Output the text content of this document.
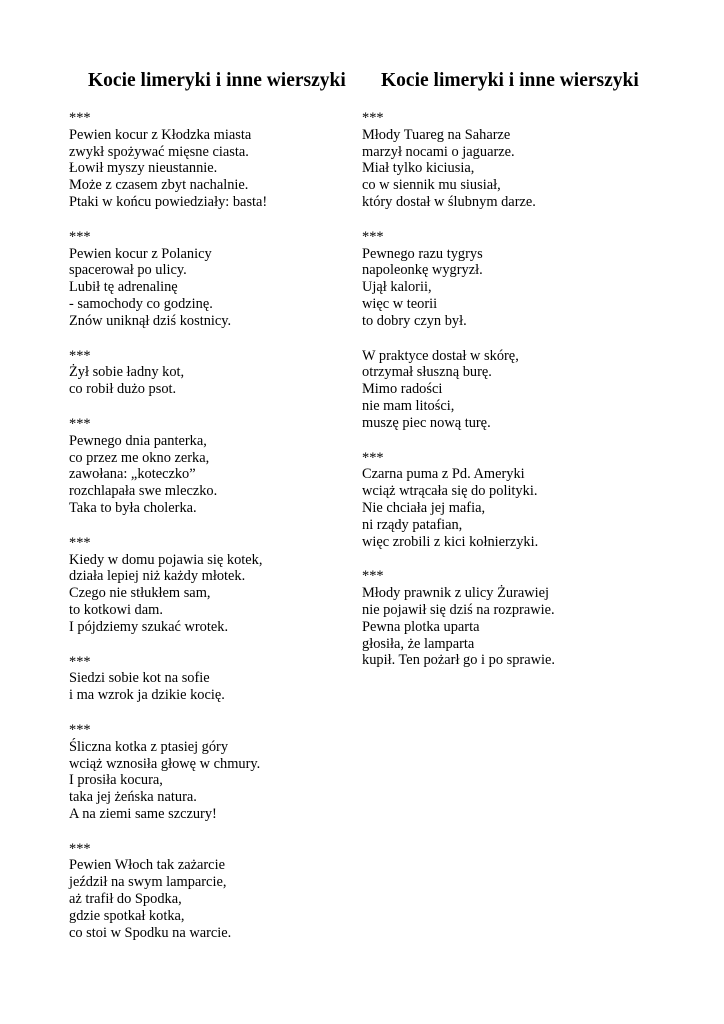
Kocie limeryki i inne wierszyki
***
Pewien kocur z Kłodzka miasta
zwykł spożywać mięsne ciasta.
Łowił myszy nieustannie.
Może z czasem zbyt nachalnie.
Ptaki w końcu powiedziały: basta!
***
Pewien kocur z Polanicy
spacerował po ulicy.
Lubił tę adrenalinę
- samochody co godzinę.
Znów uniknął dziś kostnicy.
***
Żył sobie ładny kot,
co robił dużo psot.
***
Pewnego dnia panterka,
co przez me okno zerka,
zawołana: „koteczko”
rozchlapała swe mleczko.
Taka to była cholerka.
***
Kiedy w domu pojawia się kotek,
działa lepiej niż każdy młotek.
Czego nie stłukłem sam,
to kotkowi dam.
I pójdziemy szukać wrotek.
***
Siedzi sobie kot na sofie
i ma wzrok ja dzikie kocię.
***
Śliczna kotka z ptasiej góry
wciąż wznosiła głowę w chmury.
I prosiła kocura,
taka jej żeńska natura.
A na ziemi same szczury!
***
Pewien Włoch tak zażarcie
jeździł na swym lamparcie,
aż trafił do Spodka,
gdzie spotkał kotka,
co stoi w Spodku na warcie.
Kocie limeryki i inne wierszyki
***
Młody Tuareg na Saharze
marzył nocami o jaguarze.
Miał tylko kiciusia,
co w siennik mu siusiał,
który dostał w ślubnym darze.
***
Pewnego razu tygrys
napoleonkę wygryzł.
Ujął kalorii,
więc w teorii
to dobry czyn był.
W praktyce dostał w skórę,
otrzymał słuszną burę.
Mimo radości
nie mam litości,
muszę piec nową turę.
***
Czarna puma z Pd. Ameryki
wciąż wtrącała się do polityki.
Nie chciała jej mafia,
ni rządy patafian,
więc zrobili z kici kołnierzyki.
***
Młody prawnik z ulicy Żurawiej
nie pojawił się dziś na rozprawie.
Pewna plotka uparta
głosiła, że lamparta
kupił. Ten pożarł go i po sprawie.
